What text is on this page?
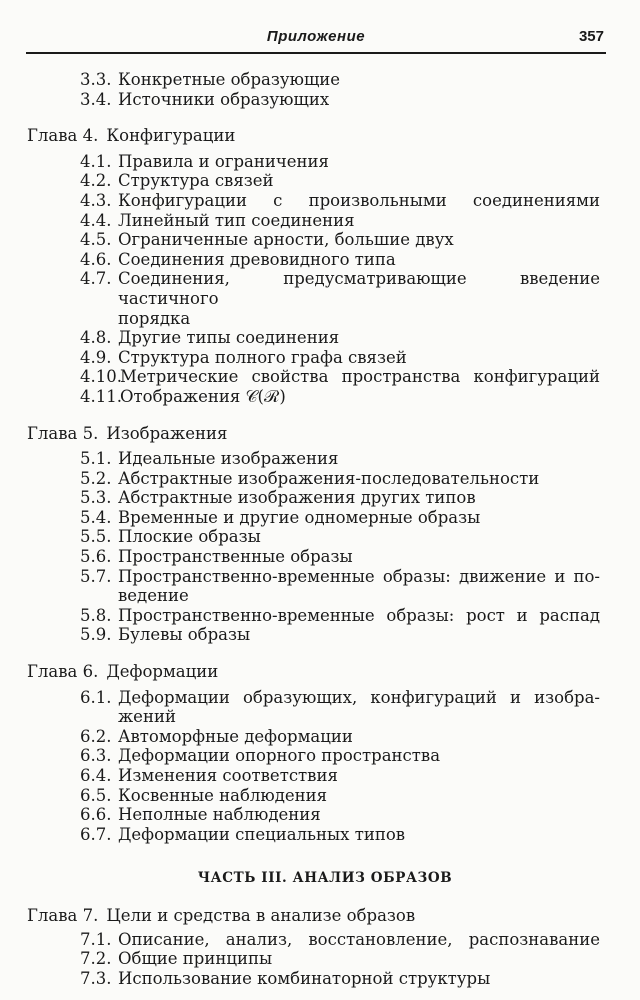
Приложение	357
3.3. Конкретные образующие
3.4. Источники образующих
Глава 4. Конфигурации
4.1. Правила и ограничения
4.2. Структура связей
4.3. Конфигурации с произвольными соединениями
4.4. Линейный тип соединения
4.5. Ограниченные арности, большие двух
4.6. Соединения древовидного типа
4.7. Соединения, предусматривающие введение частичного
порядка
4.8. Другие типы соединения
4.9. Структура полного графа связей
4.10.
Метрические свойства пространства конфигураций
4.11.
Отображения 𝒞(ℛ)
Глава 5. Изображения
5.1. Идеальные изображения
5.2. Абстрактные изображения-последовательности
5.3. Абстрактные изображения других типов
5.4. Временные и другие одномерные образы
5.5. Плоские образы
5.6. Пространственные образы
5.7. Пространственно-временные образы: движение и по-
ведение
5.8. Пространственно-временные образы: рост и распад
5.9. Булевы образы
Глава 6. Деформации
6.1. Деформации образующих, конфигураций и изобра-
жений
6.2. Автоморфные деформации
6.3. Деформации опорного пространства
6.4. Изменения соответствия
6.5. Косвенные наблюдения
6.6. Неполные наблюдения
6.7. Деформации специальных типов
ЧАСТЬ III. АНАЛИЗ ОБРАЗОВ
Глава 7. Цели и средства в анализе образов
7.1. Описание, анализ, восстановление, распознавание
7.2. Общие принципы
7.3. Использование комбинаторной структуры
